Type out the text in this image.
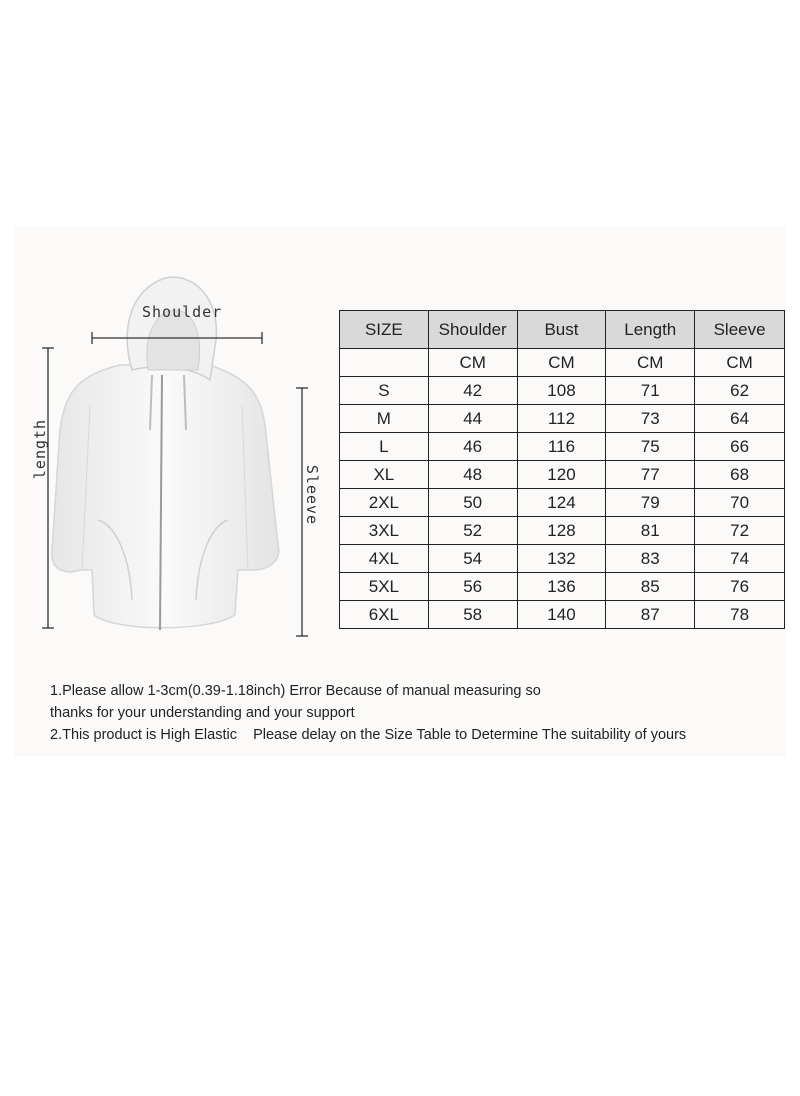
Shoulder
length
Sleeve
SIZE	Shoulder	Bust	Length	Sleeve
	CM	CM	CM	CM
S	42	108	71	62
M	44	112	73	64
L	46	116	75	66
XL	48	120	77	68
2XL	50	124	79	70
3XL	52	128	81	72
4XL	54	132	83	74
5XL	56	136	85	76
6XL	58	140	87	78
1.Please allow 1-3cm(0.39-1.18inch) Error Because of manual measuring so
thanks for your understanding and your support
2.This product is High Elastic    Please delay on the Size Table to Determine The suitability of yours
